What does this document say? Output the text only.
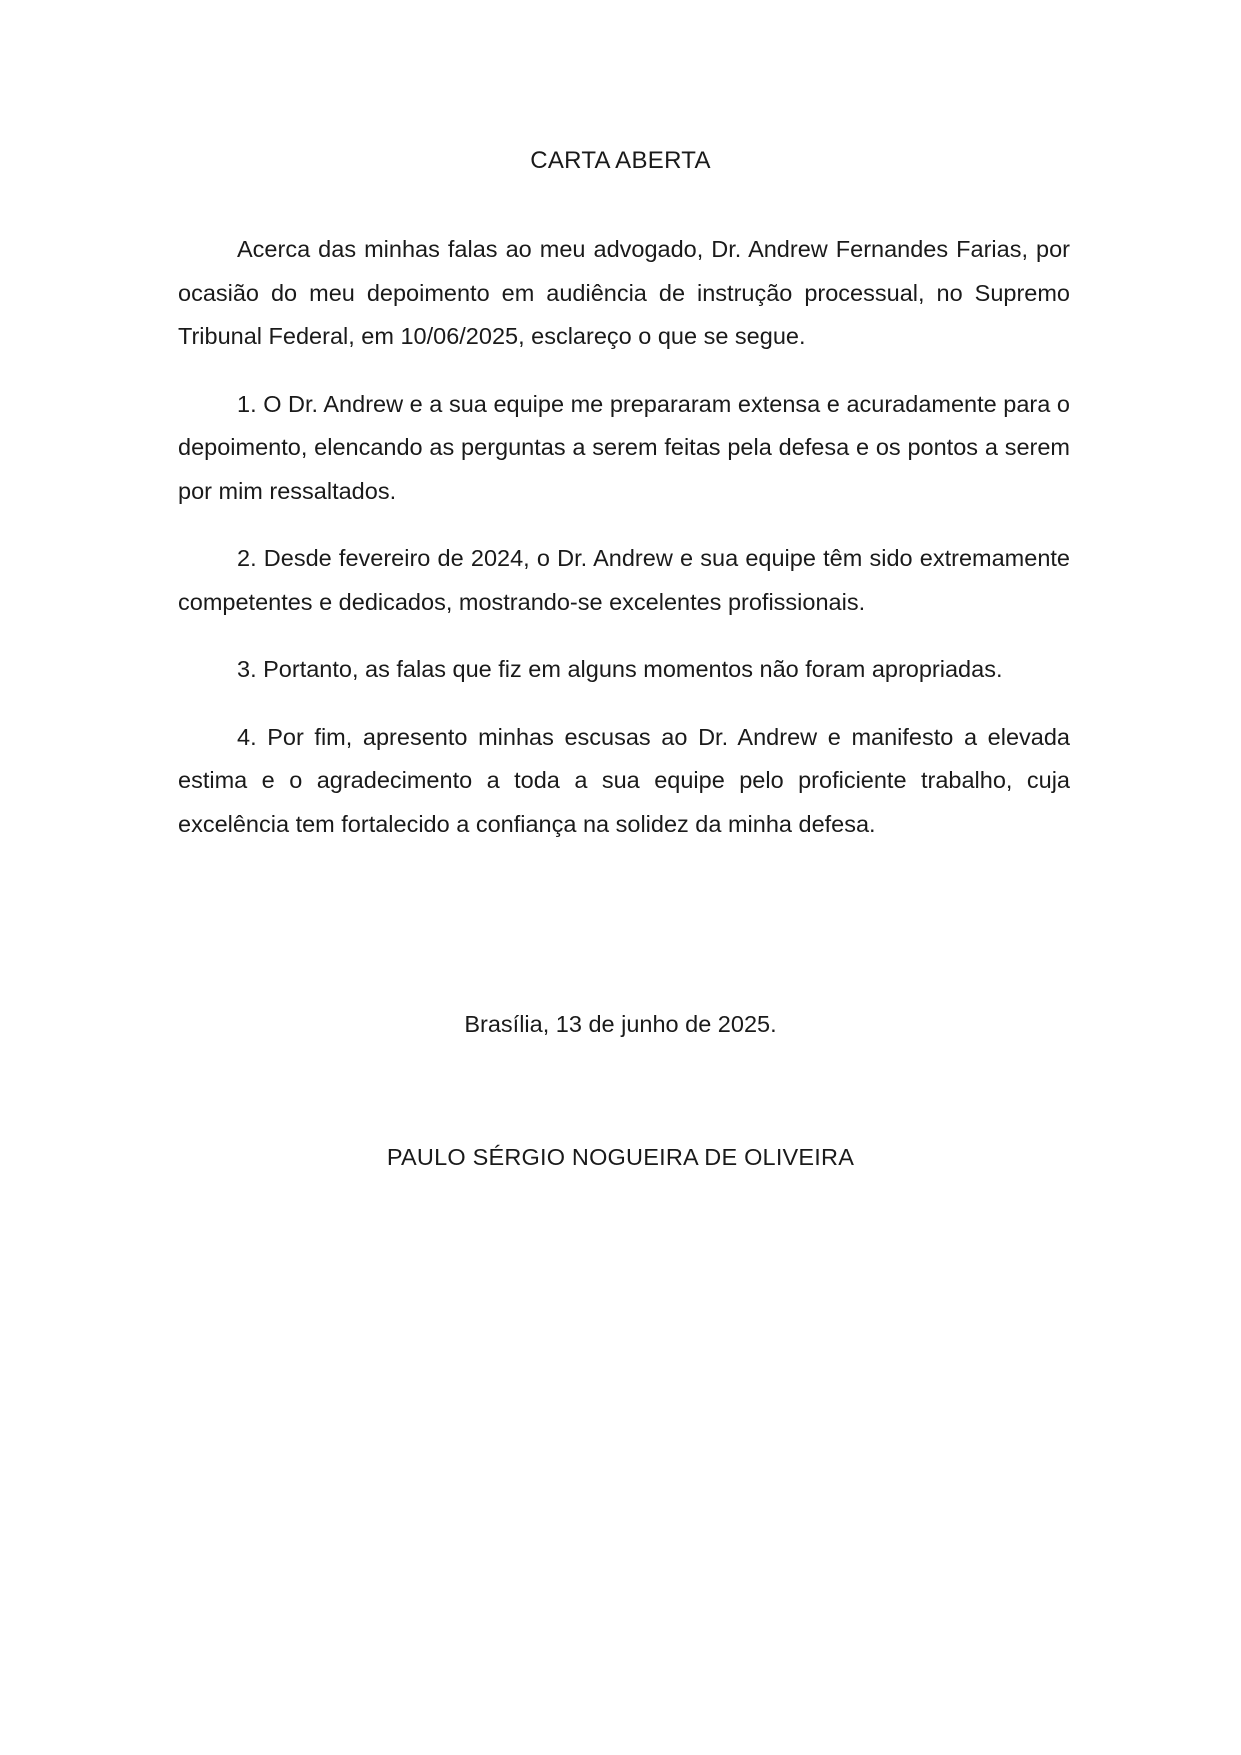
CARTA ABERTA

Acerca das minhas falas ao meu advogado, Dr. Andrew Fernandes Farias, por ocasião do meu depoimento em audiência de instrução processual, no Supremo Tribunal Federal, em 10/06/2025, esclareço o que se segue.

1. O Dr. Andrew e a sua equipe me prepararam extensa e acuradamente para o depoimento, elencando as perguntas a serem feitas pela defesa e os pontos a serem por mim ressaltados.

2. Desde fevereiro de 2024, o Dr. Andrew e sua equipe têm sido extremamente competentes e dedicados, mostrando-se excelentes profissionais.

3. Portanto, as falas que fiz em alguns momentos não foram apropriadas.

4. Por fim, apresento minhas escusas ao Dr. Andrew e manifesto a elevada estima e o agradecimento a toda a sua equipe pelo proficiente trabalho, cuja excelência tem fortalecido a confiança na solidez da minha defesa.

Brasília, 13 de junho de 2025.
PAULO SÉRGIO NOGUEIRA DE OLIVEIRA
